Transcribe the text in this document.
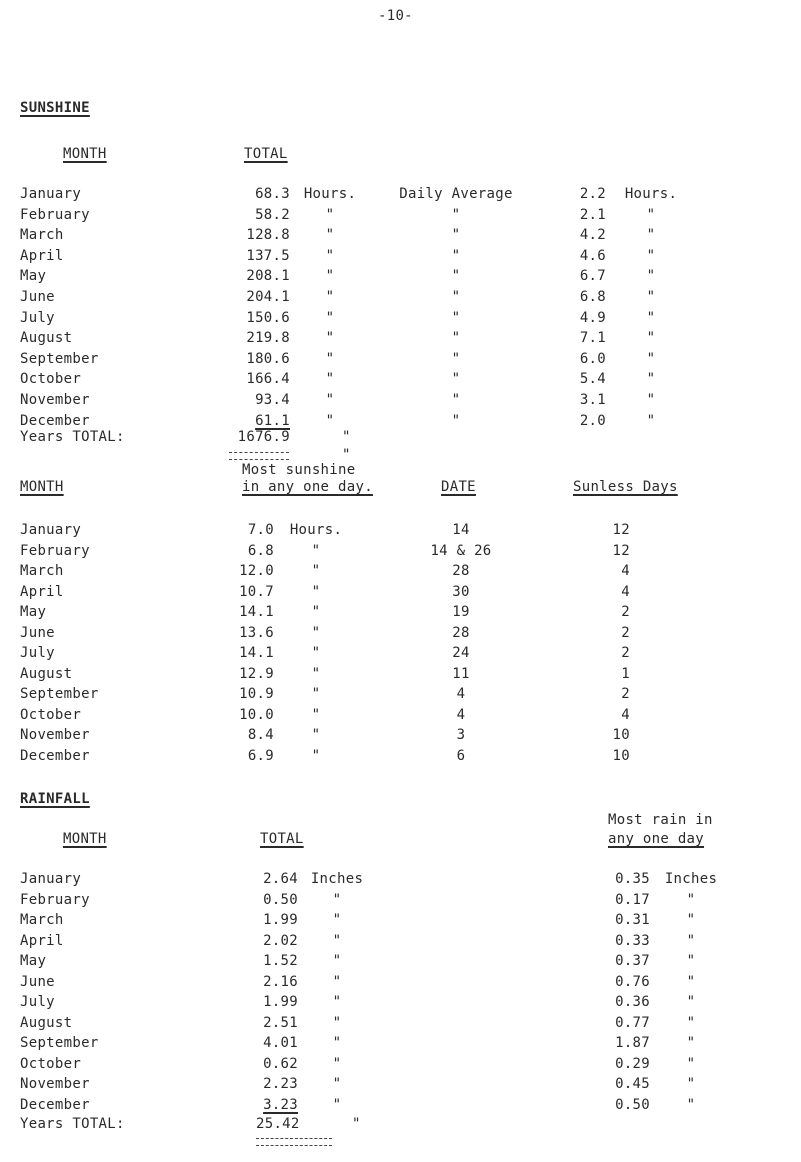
-10-
SUNSHINE
MONTH	TOTAL
January	68.3 Hours.	Daily Average	2.2	Hours.
February	58.2	"	"	2.1	"
March	128.8	"	"	4.2	"
April	137.5	"	"	4.6	"
May	208.1	"	"	6.7	"
June	204.1	"	"	6.8	"
July	150.6	"	"	4.9	"
August	219.8	"	"	7.1	"
September	180.6	"	"	6.0	"
October	166.4	"	"	5.4	"
November	93.4	"	"	3.1	"
December	61.1	"	"	2.0	"
Years TOTAL:	1676.9	"
"
Most sunshine
MONTH	in any one day.	DATE	Sunless Days
January	7.0 Hours.	14	12
February	6.8	"	14 & 26	12
March	12.0	"	28	4
April	10.7	"	30	4
May	14.1	"	19	2
June	13.6	"	28	2
July	14.1	"	24	2
August	12.9	"	11	1
September	10.9	"	4	2
October	10.0	"	4	4
November	8.4	"	3	10
December	6.9	"	6	10
RAINFALL
Most rain in
MONTH	TOTAL	any one day
January	2.64 Inches	0.35	Inches
February	0.50	"	0.17	"
March	1.99	"	0.31	"
April	2.02	"	0.33	"
May	1.52	"	0.37	"
June	2.16	"	0.76	"
July	1.99	"	0.36	"
August	2.51	"	0.77	"
September	4.01	"	1.87	"
October	0.62	"	0.29	"
November	2.23	"	0.45	"
December	3.23	"	0.50	"
Years TOTAL:	25.42	"
